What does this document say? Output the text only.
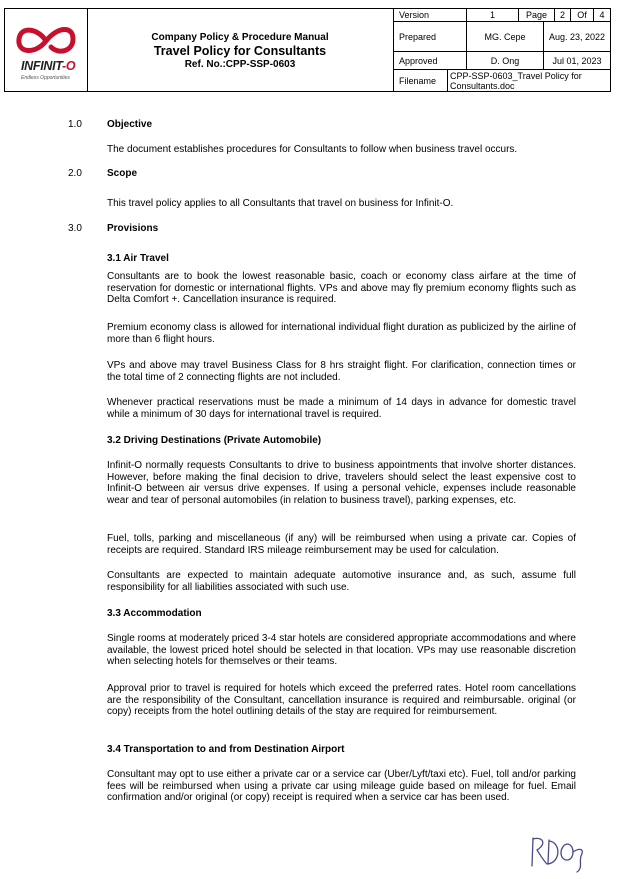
INFINIT-O
Endless Opportunities
Company Policy & Procedure Manual
Travel Policy for Consultants
Ref. No.:CPP-SSP-0603
Version	1	Page	2	Of	4
Prepared	MG. Cepe	Aug. 23, 2022
Approved	D. Ong	Jul 01, 2023
Filename	CPP-SSP-0603_Travel Policy for Consultants.doc
1.0	Objective
The document establishes procedures for Consultants to follow when business travel occurs.
2.0	Scope
This travel policy applies to all Consultants that travel on business for Infinit-O.
3.0	Provisions
3.1 Air Travel
Consultants are to book the lowest reasonable basic, coach or economy class airfare at the time of reservation for domestic or international flights. VPs and above may fly premium economy flights such as Delta Comfort +. Cancellation insurance is required.
Premium economy class is allowed for international individual flight duration as publicized by the airline of more than 6 flight hours.
VPs and above may travel Business Class for 8 hrs straight flight. For clarification, connection times or the total time of 2 connecting flights are not included.
Whenever practical reservations must be made a minimum of 14 days in advance for domestic travel while a minimum of 30 days for international travel is required.
3.2 Driving Destinations (Private Automobile)
Infinit-O normally requests Consultants to drive to business appointments that involve shorter distances. However, before making the final decision to drive, travelers should select the least expensive cost to Infinit-O between air versus drive expenses. If using a personal vehicle, expenses include reasonable wear and tear of personal automobiles (in relation to business travel), parking expenses, etc.
Fuel, tolls, parking and miscellaneous (if any) will be reimbursed when using a private car. Copies of receipts are required. Standard IRS mileage reimbursement may be used for calculation.
Consultants are expected to maintain adequate automotive insurance and, as such, assume full responsibility for all liabilities associated with such use.
3.3 Accommodation
Single rooms at moderately priced 3-4 star hotels are considered appropriate accommodations and where available, the lowest priced hotel should be selected in that location. VPs may use reasonable discretion when selecting hotels for themselves or their teams.
Approval prior to travel is required for hotels which exceed the preferred rates. Hotel room cancellations are the responsibility of the Consultant, cancellation insurance is required and reimbursable. original (or copy) receipts from the hotel outlining details of the stay are required for reimbursement.
3.4 Transportation to and from Destination Airport
Consultant may opt to use either a private car or a service car (Uber/Lyft/taxi etc). Fuel, toll and/or parking fees will be reimbursed when using a private car using mileage guide based on mileage for fuel. Email confirmation and/or original (or copy) receipt is required when a service car has been used.
